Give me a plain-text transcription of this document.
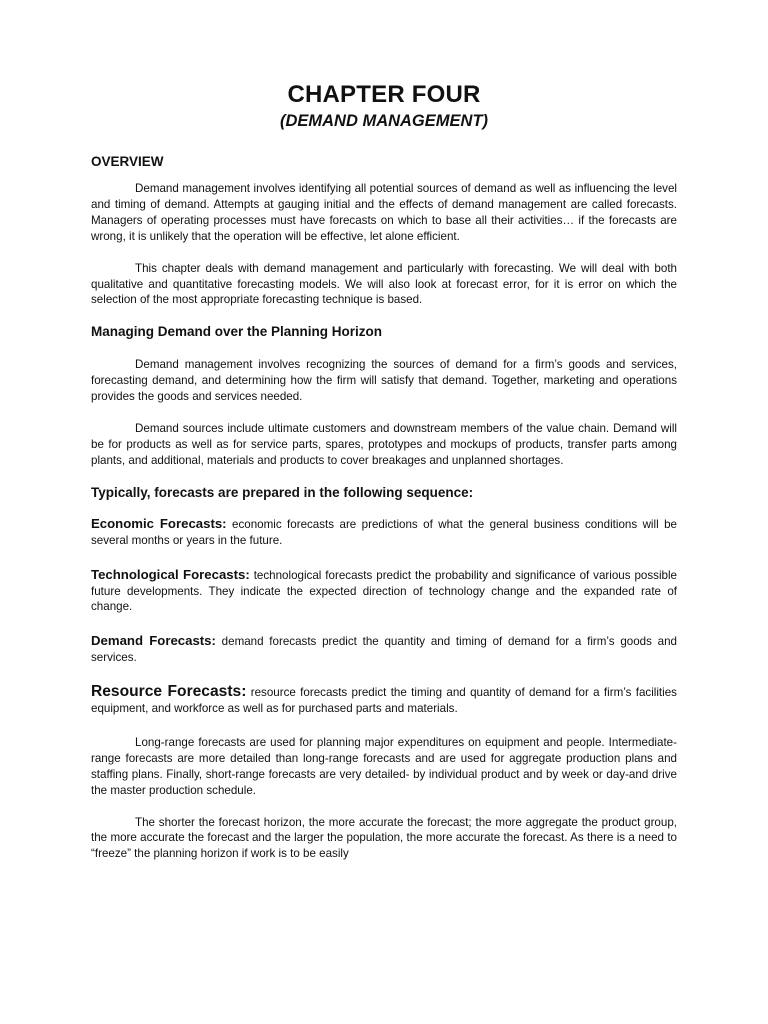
CHAPTER FOUR
(DEMAND MANAGEMENT)
OVERVIEW

Demand management involves identifying all potential sources of demand as well as influencing the level and timing of demand. Attempts at gauging initial and the effects of demand management are called forecasts. Managers of operating processes must have forecasts on which to base all their activities… if the forecasts are wrong, it is unlikely that the operation will be effective, let alone efficient.

This chapter deals with demand management and particularly with forecasting. We will deal with both qualitative and quantitative forecasting models. We will also look at forecast error, for it is error on which the selection of the most appropriate forecasting technique is based.

Managing Demand over the Planning Horizon

Demand management involves recognizing the sources of demand for a firm’s goods and services, forecasting demand, and determining how the firm will satisfy that demand. Together, marketing and operations provides the goods and services needed.

Demand sources include ultimate customers and downstream members of the value chain. Demand will be for products as well as for service parts, spares, prototypes and mockups of products, transfer parts among plants, and additional, materials and products to cover breakages and unplanned shortages.

Typically, forecasts are prepared in the following sequence:

Economic Forecasts: economic forecasts are predictions of what the general business conditions will be several months or years in the future.

Technological Forecasts: technological forecasts predict the probability and significance of various possible future developments. They indicate the expected direction of technology change and the expanded rate of change.

Demand Forecasts: demand forecasts predict the quantity and timing of demand for a firm’s goods and services.

Resource Forecasts: resource forecasts predict the timing and quantity of demand for a firm’s facilities equipment, and workforce as well as for purchased parts and materials.

Long-range forecasts are used for planning major expenditures on equipment and people. Intermediate-range forecasts are more detailed than long-range forecasts and are used for aggregate production plans and staffing plans. Finally, short-range forecasts are very detailed- by individual product and by week or day-and drive the master production schedule.

The shorter the forecast horizon, the more accurate the forecast; the more aggregate the product group, the more accurate the forecast and the larger the population, the more accurate the forecast. As there is a need to “freeze” the planning horizon if work is to be easily
